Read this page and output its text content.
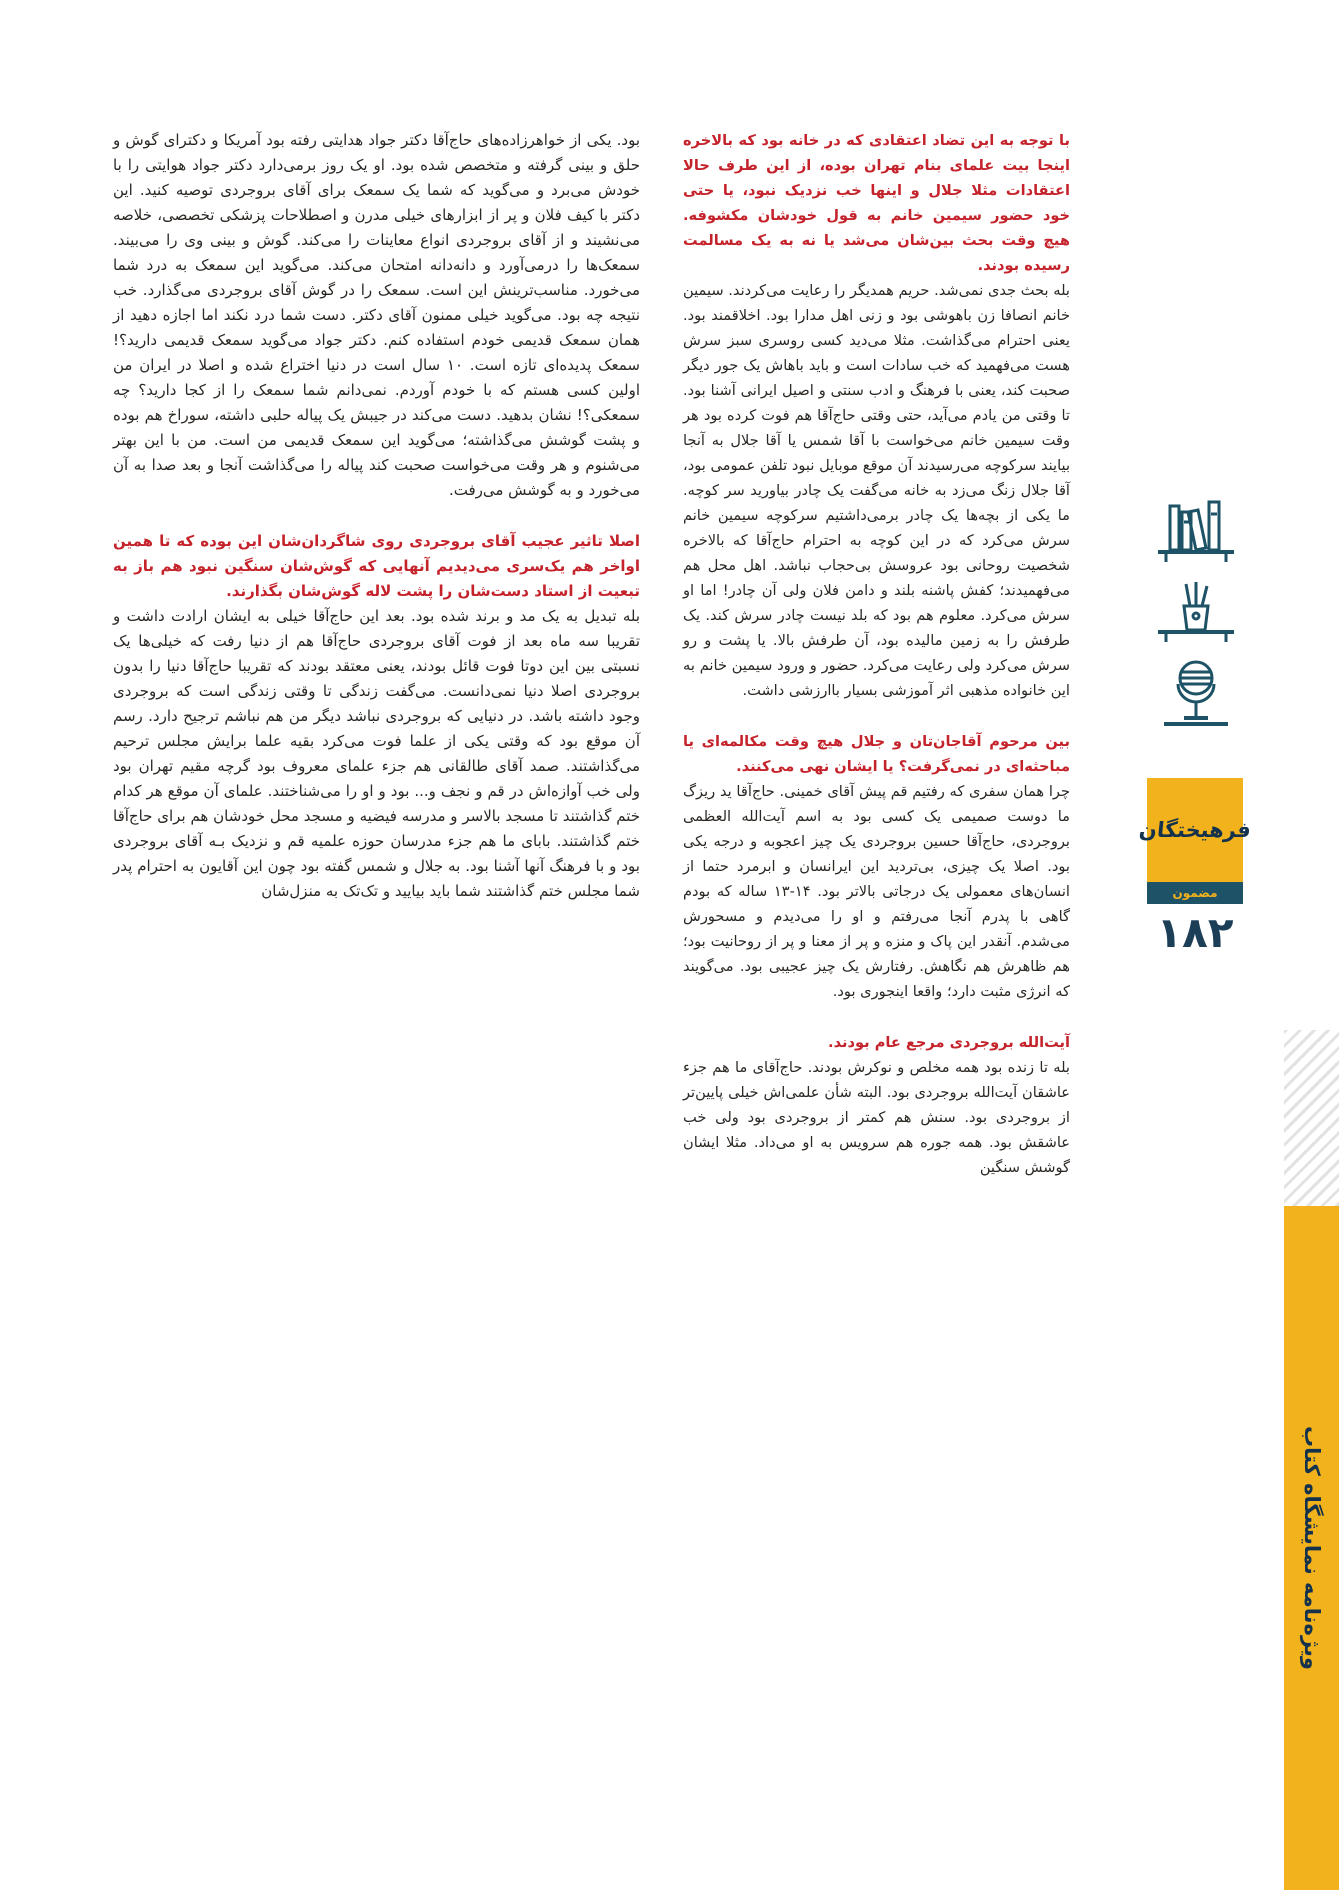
با توجه به این تضاد اعتقادی که در خانه بود که بالاخره اینجا بیت علمای بنام تهران بوده، از این طرف حالا اعتقادات مثلا جلال و اینها خب نزدیک نبود، یا حتی خود حضور سیمین خانم به قول خودشان مکشوفه. هیچ وقت بحث بین‌شان می‌شد یا نه به یک مسالمت رسیده بودند.

بله بحث جدی نمی‌شد. حریم همدیگر را رعایت می‌کردند. سیمین خانم انصافا زن باهوشی بود و زنی اهل مدارا بود. اخلاقمند بود. یعنی احترام می‌گذاشت. مثلا می‌دید کسی روسری سبز سرش هست می‌فهمید که خب سادات است و باید باهاش یک جور دیگر صحبت کند، یعنی با فرهنگ و ادب سنتی و اصیل ایرانی آشنا بود. تا وقتی من یادم می‌آید، حتی وقتی حاج‌آقا هم فوت کرده بود هر وقت سیمین خانم می‌خواست با آقا شمس یا آقا جلال به آنجا بیایند سرکوچه می‌رسیدند آن موقع موبایل نبود تلفن عمومی بود، آقا جلال زنگ می‌زد به خانه می‌گفت یک چادر بیاورید سر کوچه. ما یکی از بچه‌ها یک چادر برمی‌داشتیم سرکوچه سیمین خانم سرش می‌کرد که در این کوچه به احترام حاج‌آقا که بالاخره شخصیت روحانی بود عروسش بی‌حجاب نباشد. اهل محل هم می‌فهمیدند؛ کفش پاشنه بلند و دامن فلان ولی آن چادر! اما او سرش می‌کرد. معلوم هم بود که بلد نیست چادر سرش کند. یک طرفش را به زمین مالیده بود، آن طرفش بالا. یا پشت و رو سرش می‌کرد ولی رعایت می‌کرد. حضور و ورود سیمین خانم به این خانواده مذهبی اثر آموزشی بسیار باارزشی داشت.

بین مرحوم آقاجان‌تان و جلال هیچ وقت مکالمه‌ای یا مباحثه‌ای در نمی‌گرفت؟ یا ایشان نهی می‌کنند.

چرا همان سفری که رفتیم قم پیش آقای خمینی. حاج‌آقا ید ریزگ ما دوست صمیمی یک کسی بود به اسم آیت‌الله العظمی بروجردی، حاج‌آقا حسین بروجردی یک چیز اعجوبه و درجه یکی بود. اصلا یک چیزی، بی‌تردید این ایرانسان و ابرمرد حتما از انسان‌های معمولی یک درجاتی بالاتر بود. ۱۴-۱۳ ساله که بودم گاهی با پدرم آنجا می‌رفتم و او را می‌دیدم و مسحورش می‌شدم. آنقدر این پاک و منزه و پر از معنا و پر از روحانیت بود؛ هم ظاهرش هم نگاهش. رفتارش یک چیز عجیبی بود. می‌گویند که انرژی مثبت دارد؛ واقعا اینجوری بود.

آیت‌الله بروجردی مرجع عام بودند.

بله تا زنده بود همه مخلص و نوکرش بودند. حاج‌آقای ما هم جزء عاشقان آیت‌الله بروجردی بود. البته شأن علمی‌اش خیلی پایین‌تر از بروجردی بود. سنش هم کمتر از بروجردی بود ولی خب عاشقش بود. همه جوره هم سرویس به او می‌داد. مثلا ایشان گوشش سنگین

بود. یکی از خواهرزاده‌های حاج‌آقا دکتر جواد هدایتی رفته بود آمریکا و دکترای گوش و حلق و بینی گرفته و متخصص شده بود. او یک روز برمی‌دارد دکتر جواد هوایتی را با خودش می‌برد و می‌گوید که شما یک سمعک برای آقای بروجردی توصیه کنید. این دکتر با کیف فلان و پر از ابزارهای خیلی مدرن و اصطلاحات پزشکی تخصصی، خلاصه می‌نشیند و از آقای بروجردی انواع معاینات را می‌کند. گوش و بینی وی را می‌بیند. سمعک‌ها را درمی‌آورد و دانه‌دانه امتحان می‌کند. می‌گوید این سمعک به درد شما می‌خورد. مناسب‌ترینش این است. سمعک را در گوش آقای بروجردی می‌گذارد. خب نتیجه چه بود. می‌گوید خیلی ممنون آقای دکتر. دست شما درد نکند اما اجازه دهید از همان سمعک قدیمی خودم استفاده کنم. دکتر جواد می‌گوید سمعک قدیمی دارید؟! سمعک پدیده‌ای تازه است. ۱۰ سال است در دنیا اختراع شده و اصلا در ایران من اولین کسی هستم که با خودم آوردم. نمی‌دانم شما سمعک را از کجا دارید؟ چه سمعکی؟! نشان بدهید. دست می‌کند در جیبش یک پیاله حلبی داشته، سوراخ هم بوده و پشت گوشش می‌گذاشته؛ می‌گوید این سمعک قدیمی من است. من با این بهتر می‌شنوم و هر وقت می‌خواست صحبت کند پیاله را می‌گذاشت آنجا و بعد صدا به آن می‌خورد و به گوشش می‌رفت.

اصلا تاثیر عجیب آقای بروجردی روی شاگردان‌شان این بوده که تا همین اواخر هم یک‌سری می‌دیدیم آنهایی که گوش‌شان سنگین نبود هم باز به تبعیت از استاد دست‌شان را پشت لاله گوش‌شان بگذارند.

بله تبدیل به یک مد و برند شده بود. بعد این حاج‌آقا خیلی به ایشان ارادت داشت و تقریبا سه ماه بعد از فوت آقای بروجردی حاج‌آقا هم از دنیا رفت که خیلی‌ها یک نسبتی بین این دوتا فوت قائل بودند، یعنی معتقد بودند که تقریبا حاج‌آقا دنیا را بدون بروجردی اصلا دنیا نمی‌دانست. می‌گفت زندگی تا وقتی زندگی است که بروجردی وجود داشته باشد. در دنیایی که بروجردی نباشد دیگر من هم نباشم ترجیح دارد. رسم آن موقع بود که وقتی یکی از علما فوت می‌کرد بقیه علما برایش مجلس ترحیم می‌گذاشتند. صمد آقای طالقانی هم جزء علمای معروف بود گرچه مقیم تهران بود ولی خب آوازه‌اش در قم و نجف و... بود و او را می‌شناختند. علمای آن موقع هر کدام ختم گذاشتند تا مسجد بالاسر و مدرسه فیضیه و مسجد محل خودشان هم برای حاج‌آقا ختم گذاشتند. بابای ما هم جزء مدرسان حوزه علمیه قم و نزدیک بـه آقای بروجردی بود و با فرهنگ آنها آشنا بود. به جلال و شمس گفته بود چون این آقایون به احترام پدر شما مجلس ختم گذاشتند شما باید بیایید و تک‌تک به منزل‌شان

فرهیختگان
مضمون
۱۸۲
ویژه‌نامه نمایشگاه کتاب
